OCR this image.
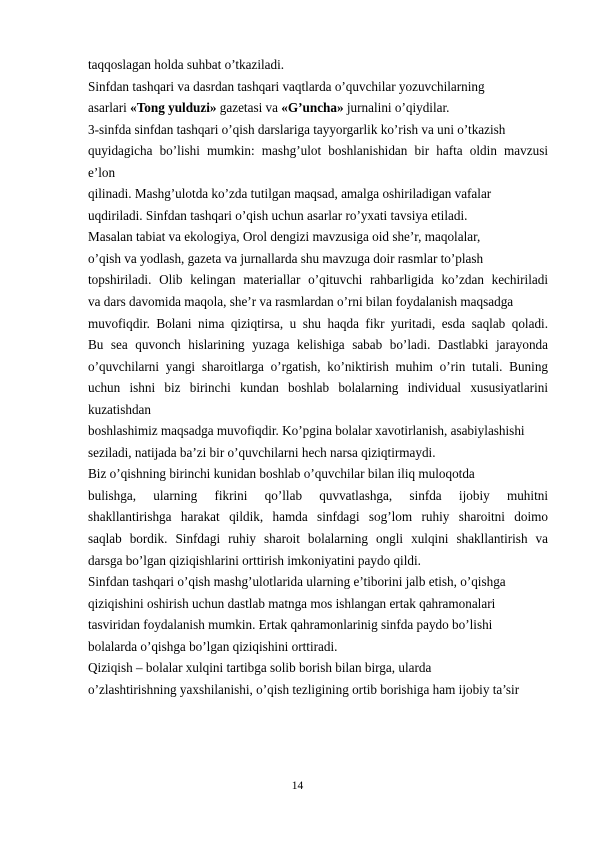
taqqoslagan holda suhbat o’tkaziladi.
Sinfdan tashqari va dasrdan tashqari vaqtlarda o’quvchilar yozuvchilarning
asarlari «Tong yulduzi» gazetasi va «G’uncha» jurnalini o’qiydilar.
3-sinfda sinfdan tashqari o’qish darslariga tayyorgarlik ko’rish va uni o’tkazish
quyidagicha bo’lishi mumkin: mashg’ulot boshlanishidan bir hafta oldin mavzusi
e’lon
qilinadi. Mashg’ulotda ko’zda tutilgan maqsad, amalga oshiriladigan vafalar
uqdiriladi. Sinfdan tashqari o’qish uchun asarlar ro’yxati tavsiya etiladi.
Masalan tabiat va ekologiya, Orol dengizi mavzusiga oid she’r, maqolalar,
o’qish va yodlash, gazeta va jurnallarda shu mavzuga doir rasmlar to’plash
topshiriladi. Olib kelingan materiallar o’qituvchi rahbarligida ko’zdan kechiriladi
va dars davomida maqola, she’r va rasmlardan o’rni bilan foydalanish maqsadga
muvofiqdir. Bolani nima qiziqtirsa, u shu haqda fikr yuritadi, esda saqlab qoladi.
Bu sea quvonch hislarining yuzaga kelishiga sabab bo’ladi. Dastlabki jarayonda
o’quvchilarni yangi sharoitlarga o’rgatish, ko’niktirish muhim o’rin tutali. Buning
uchun ishni biz birinchi kundan boshlab bolalarning individual xususiyatlarini
kuzatishdan
boshlashimiz maqsadga muvofiqdir. Ko’pgina bolalar xavotirlanish, asabiylashishi
seziladi, natijada ba’zi bir o’quvchilarni hech narsa qiziqtirmaydi.
Biz o’qishning birinchi kunidan boshlab o’quvchilar bilan iliq muloqotda
bulishga, ularning fikrini qo’llab quvvatlashga, sinfda ijobiy muhitni
shakllantirishga harakat qildik, hamda sinfdagi sog’lom ruhiy sharoitni doimo
saqlab bordik. Sinfdagi ruhiy sharoit bolalarning ongli xulqini shakllantirish va
darsga bo’lgan qiziqishlarini orttirish imkoniyatini paydo qildi.
Sinfdan tashqari o’qish mashg’ulotlarida ularning e’tiborini jalb etish, o’qishga
qiziqishini oshirish uchun dastlab matnga mos ishlangan ertak qahramonalari
tasviridan foydalanish mumkin. Ertak qahramonlarinig sinfda paydo bo’lishi
bolalarda o’qishga bo’lgan qiziqishini orttiradi.
Qiziqish – bolalar xulqini tartibga solib borish bilan birga, ularda
o’zlashtirishning yaxshilanishi, o’qish tezligining ortib borishiga ham ijobiy ta’sir
14
